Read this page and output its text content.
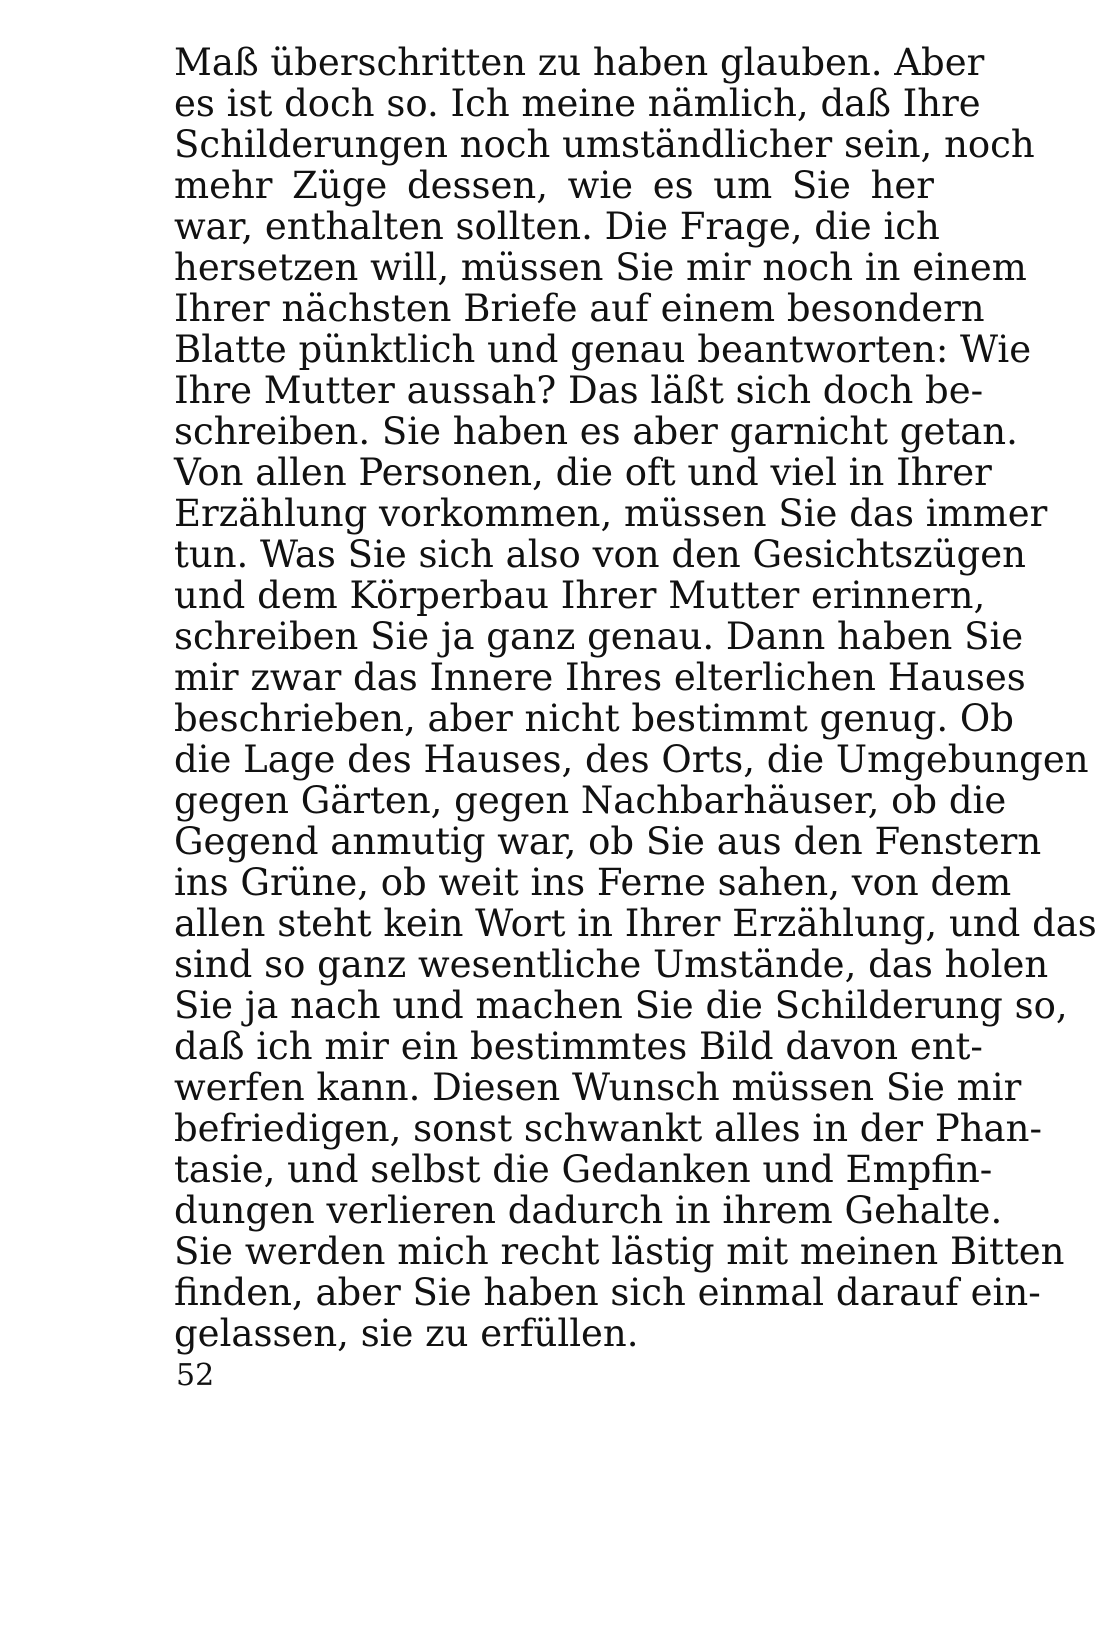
Maß überschritten zu haben glauben. Aber
es ist doch so. Ich meine nämlich, daß Ihre
Schilderungen noch umständlicher sein, noch
mehr Züge dessen, wie es um Sie her
war, enthalten sollten. Die Frage, die ich
hersetzen will, müssen Sie mir noch in einem
Ihrer nächsten Briefe auf einem besondern
Blatte pünktlich und genau beantworten: Wie
Ihre Mutter aussah? Das läßt sich doch be-
schreiben. Sie haben es aber garnicht getan.
Von allen Personen, die oft und viel in Ihrer
Erzählung vorkommen, müssen Sie das immer
tun. Was Sie sich also von den Gesichtszügen
und dem Körperbau Ihrer Mutter erinnern,
schreiben Sie ja ganz genau. Dann haben Sie
mir zwar das Innere Ihres elterlichen Hauses
beschrieben, aber nicht bestimmt genug. Ob
die Lage des Hauses, des Orts, die Umgebungen
gegen Gärten, gegen Nachbarhäuser, ob die
Gegend anmutig war, ob Sie aus den Fenstern
ins Grüne, ob weit ins Ferne sahen, von dem
allen steht kein Wort in Ihrer Erzählung, und das
sind so ganz wesentliche Umstände, das holen
Sie ja nach und machen Sie die Schilderung so,
daß ich mir ein bestimmtes Bild davon ent-
werfen kann. Diesen Wunsch müssen Sie mir
befriedigen, sonst schwankt alles in der Phan-
tasie, und selbst die Gedanken und Empfin-
dungen verlieren dadurch in ihrem Gehalte.
Sie werden mich recht lästig mit meinen Bitten
finden, aber Sie haben sich einmal darauf ein-
gelassen, sie zu erfüllen.
52
